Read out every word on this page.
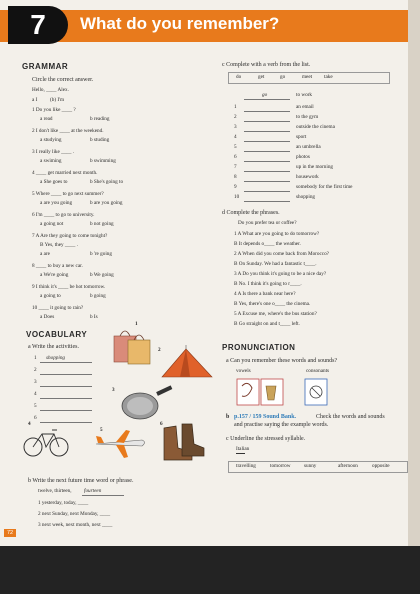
7	What do you remember?
GRAMMAR
Circle the correct answer.
Hello, ____ Alex.
a I (b) I'm
VOCABULARY
a Write the activities.
1
2
3
4
5
6
b Write the next future time word or phrase.
twelve, thirteen, fourteen
c Complete with a verb from the list.
go	to work
d Complete the phrases.
Do you prefer tea or coffee?
PRONUNCIATION
a Can you remember these words and sounds?
vowels	consonants
b p.157 / 159 Sound Bank.	Check the words and sounds
and practise saying the example words.
c Underline the stressed syllable.
Italian
72
1 Do you like ____ ?
a read	b reading
2 I don't like ____ at the weekend.
a studying	b studing
3 I really like ____ .
a swiming	b swimming
4 ____ get married next month.
a She goes to	b She's going to
5 Where ____ to go next summer?
a are you going	b are you going
6 I'm ____ to go to university.
a going not	b not going
7 A Are they going to come tonight?
B Yes, they ____ .
a are	b 're going
8 ____ to buy a new car.
a We're going	b We going
9 I think it's ____ be hot tomorrow.
a going to	b going
10 ____ it going to rain?
a Does	b Is
1
2
3
4
5
6
shopping
1 yesterday, today, ____
2 next Sunday, next Monday, ____
3 next week, next month, next ____
do	get	go	meet take
1	an email
2	to the gym
3	outside the cinema
4	sport
5	an umbrella
6	photos
7	up in the morning
8	housework
9	somebody for the first time
10	shopping
1 A What are you going to do tomorrow?
B It depends o____ the weather.
2 A When did you come back from Morocco?
B On Sunday. We had a fantastic t____.
3 A Do you think it's going to be a nice day?
B No. I think it's going to r____.
4 A Is there a bank near here?
B Yes, there's one o____ the cinema.
5 A Excuse me, where's the bus station?
B Go straight on and t____ left.
travelling	tomorrow	sunny	afternoon	opposite
